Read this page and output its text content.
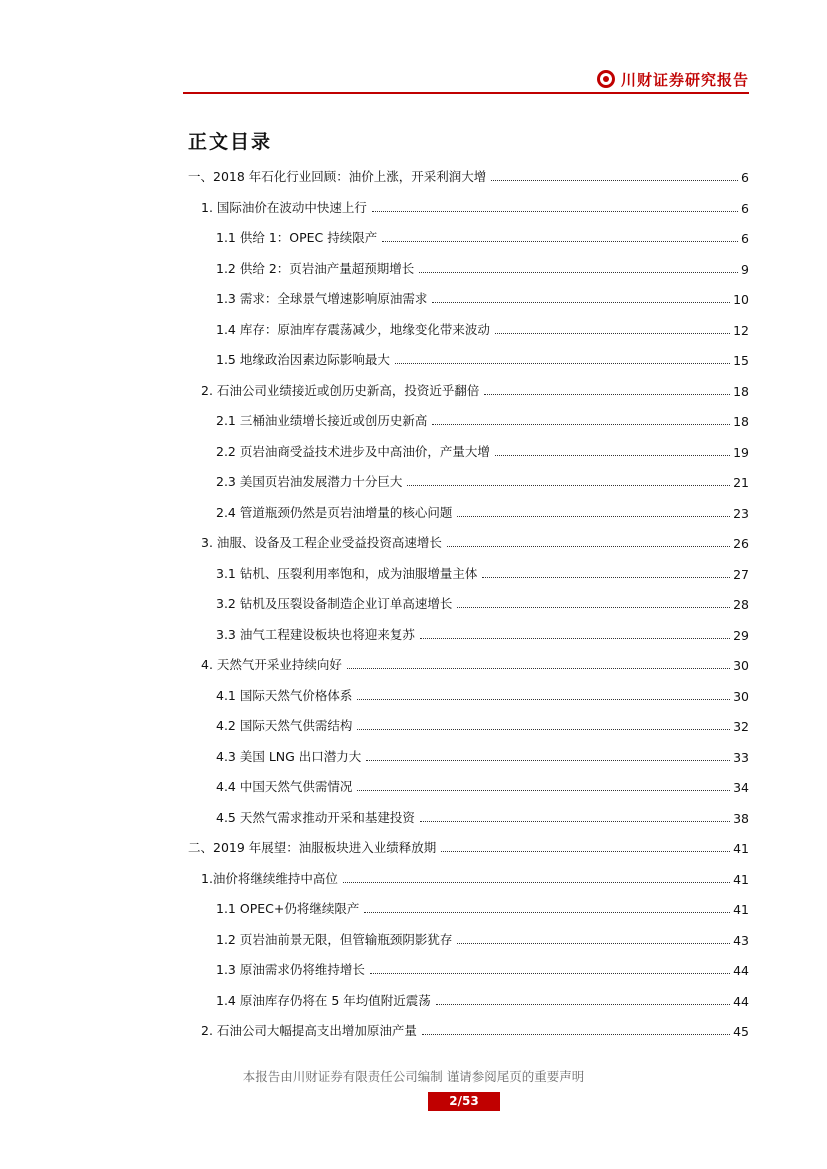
川财证券研究报告
正文目录
一、2018 年石化行业回顾：油价上涨，开采利润大增	6
1. 国际油价在波动中快速上行	6
1.1 供给 1：OPEC 持续限产	6
1.2 供给 2：页岩油产量超预期增长	9
1.3 需求：全球景气增速影响原油需求	10
1.4 库存：原油库存震荡减少，地缘变化带来波动	12
1.5 地缘政治因素边际影响最大	15
2. 石油公司业绩接近或创历史新高，投资近乎翻倍	18
2.1 三桶油业绩增长接近或创历史新高	18
2.2 页岩油商受益技术进步及中高油价，产量大增	19
2.3 美国页岩油发展潜力十分巨大	21
2.4 管道瓶颈仍然是页岩油增量的核心问题	23
3. 油服、设备及工程企业受益投资高速增长	26
3.1 钻机、压裂利用率饱和，成为油服增量主体	27
3.2 钻机及压裂设备制造企业订单高速增长	28
3.3 油气工程建设板块也将迎来复苏	29
4. 天然气开采业持续向好	30
4.1 国际天然气价格体系	30
4.2 国际天然气供需结构	32
4.3 美国 LNG 出口潜力大	33
4.4 中国天然气供需情况	34
4.5 天然气需求推动开采和基建投资	38
二、2019 年展望：油服板块进入业绩释放期	41
1.油价将继续维持中高位	41
1.1 OPEC+仍将继续限产	41
1.2 页岩油前景无限，但管输瓶颈阴影犹存	43
1.3 原油需求仍将维持增长	44
1.4 原油库存仍将在 5 年均值附近震荡	44
2. 石油公司大幅提高支出增加原油产量	45
本报告由川财证券有限责任公司编制 谨请参阅尾页的重要声明
2/53
